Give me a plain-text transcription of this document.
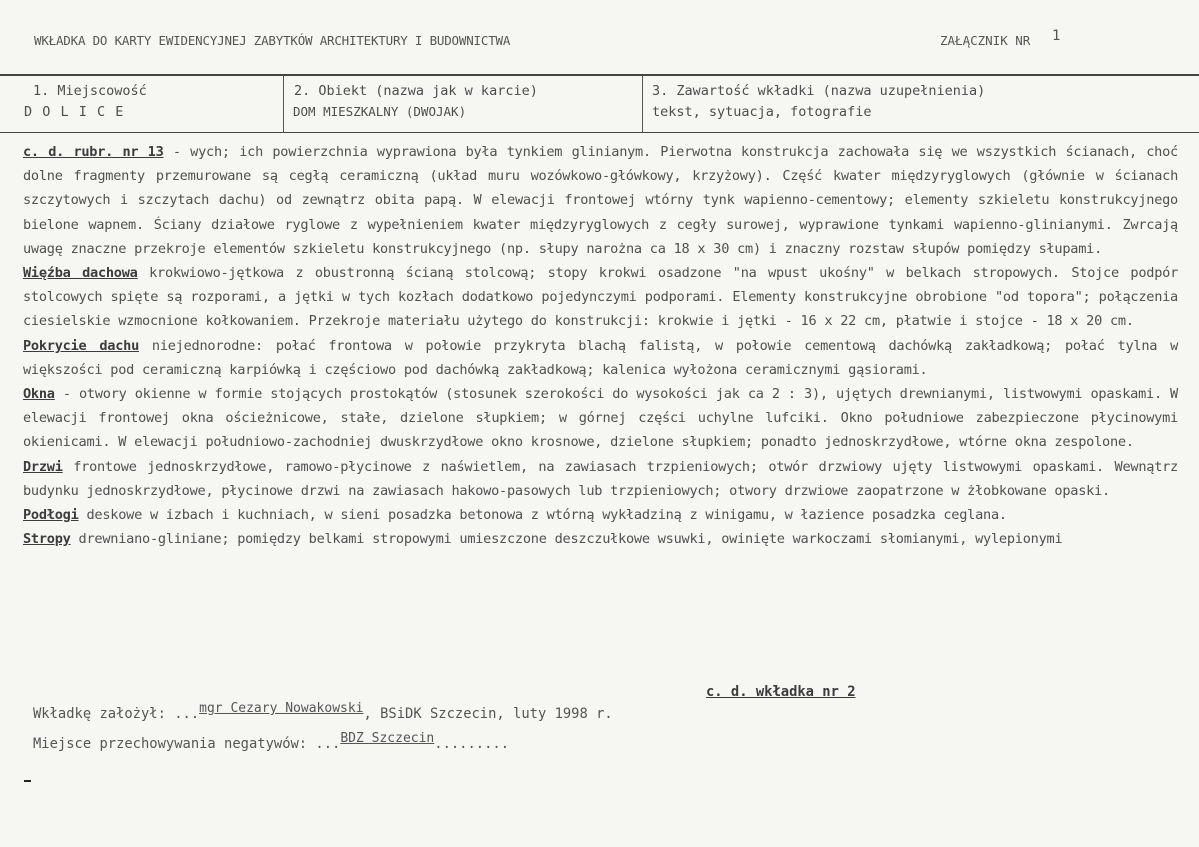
WKŁADKA DO KARTY EWIDENCYJNEJ ZABYTKÓW ARCHITEKTURY I BUDOWNICTWA	ZAŁĄCZNIK NR 1
1. Miejscowość
D O L I C E
2. Obiekt (nazwa jak w karcie)
DOM MIESZKALNY (DWOJAK)
3. Zawartość wkładki (nazwa uzupełnienia)
tekst, sytuacja, fotografie

c. d. rubr. nr 13 - wych; ich powierzchnia wyprawiona była tynkiem glinianym. Pierwotna konstrukcja zachowała się we wszystkich ścianach, choć dolne fragmenty przemurowane są cegłą ceramiczną (układ muru wozówkowo-główkowy, krzyżowy). Część kwater międzyryglowych (głównie w ścianach szczytowych i szczytach dachu) od zewnątrz obita papą. W elewacji frontowej wtórny tynk wapienno-cementowy; elementy szkieletu konstrukcyjnego bielone wapnem. Ściany działowe ryglowe z wypełnieniem kwater międzyryglowych z cegły surowej, wyprawione tynkami wapienno-glinianymi. Zwrcają uwagę znaczne przekroje elementów szkieletu konstrukcyjnego (np. słupy narożna ca 18 x 30 cm) i znaczny rozstaw słupów pomiędzy słupami.

Więźba dachowa krokwiowo-jętkowa z obustronną ścianą stolcową; stopy krokwi osadzone "na wpust ukośny" w belkach stropowych. Stojce podpór stolcowych spięte są rozporami, a jętki w tych kozłach dodatkowo pojedynczymi podporami. Elementy konstrukcyjne obrobione "od topora"; połączenia ciesielskie wzmocnione kołkowaniem. Przekroje materiału użytego do konstrukcji: krokwie i jętki - 16 x 22 cm, płatwie i stojce - 18 x 20 cm.

Pokrycie dachu niejednorodne: połać frontowa w połowie przykryta blachą falistą, w połowie cementową dachówką zakładkową; połać tylna w większości pod ceramiczną karpiówką i częściowo pod dachówką zakładkową; kalenica wyłożona ceramicznymi gąsiorami.

Okna - otwory okienne w formie stojących prostokątów (stosunek szerokości do wysokości jak ca 2 : 3), ujętych drewnianymi, listwowymi opaskami. W elewacji frontowej okna ościeżnicowe, stałe, dzielone słupkiem; w górnej części uchylne lufciki. Okno południowe zabezpieczone płycinowymi okienicami. W elewacji południowo-zachodniej dwuskrzydłowe okno krosnowe, dzielone słupkiem; ponadto jednoskrzydłowe, wtórne okna zespolone.

Drzwi frontowe jednoskrzydłowe, ramowo-płycinowe z naświetlem, na zawiasach trzpieniowych; otwór drzwiowy ujęty listwowymi opaskami. Wewnątrz budynku jednoskrzydłowe, płycinowe drzwi na zawiasach hakowo-pasowych lub trzpieniowych; otwory drzwiowe zaopatrzone w żłobkowane opaski.

Podłogi deskowe w izbach i kuchniach, w sieni posadzka betonowa z wtórną wykładziną z winigamu, w łazience posadzka ceglana.

Stropy drewniano-gliniane; pomiędzy belkami stropowymi umieszczone deszczułkowe wsuwki, owinięte warkoczami słomianymi, wylepionymi

c. d. wkładka nr 2
Wkładkę założył: ...mgr Cezary Nowakowski, BSiDK Szczecin, luty 1998 r.
Miejsce przechowywania negatywów: ...BDZ Szczecin.........
